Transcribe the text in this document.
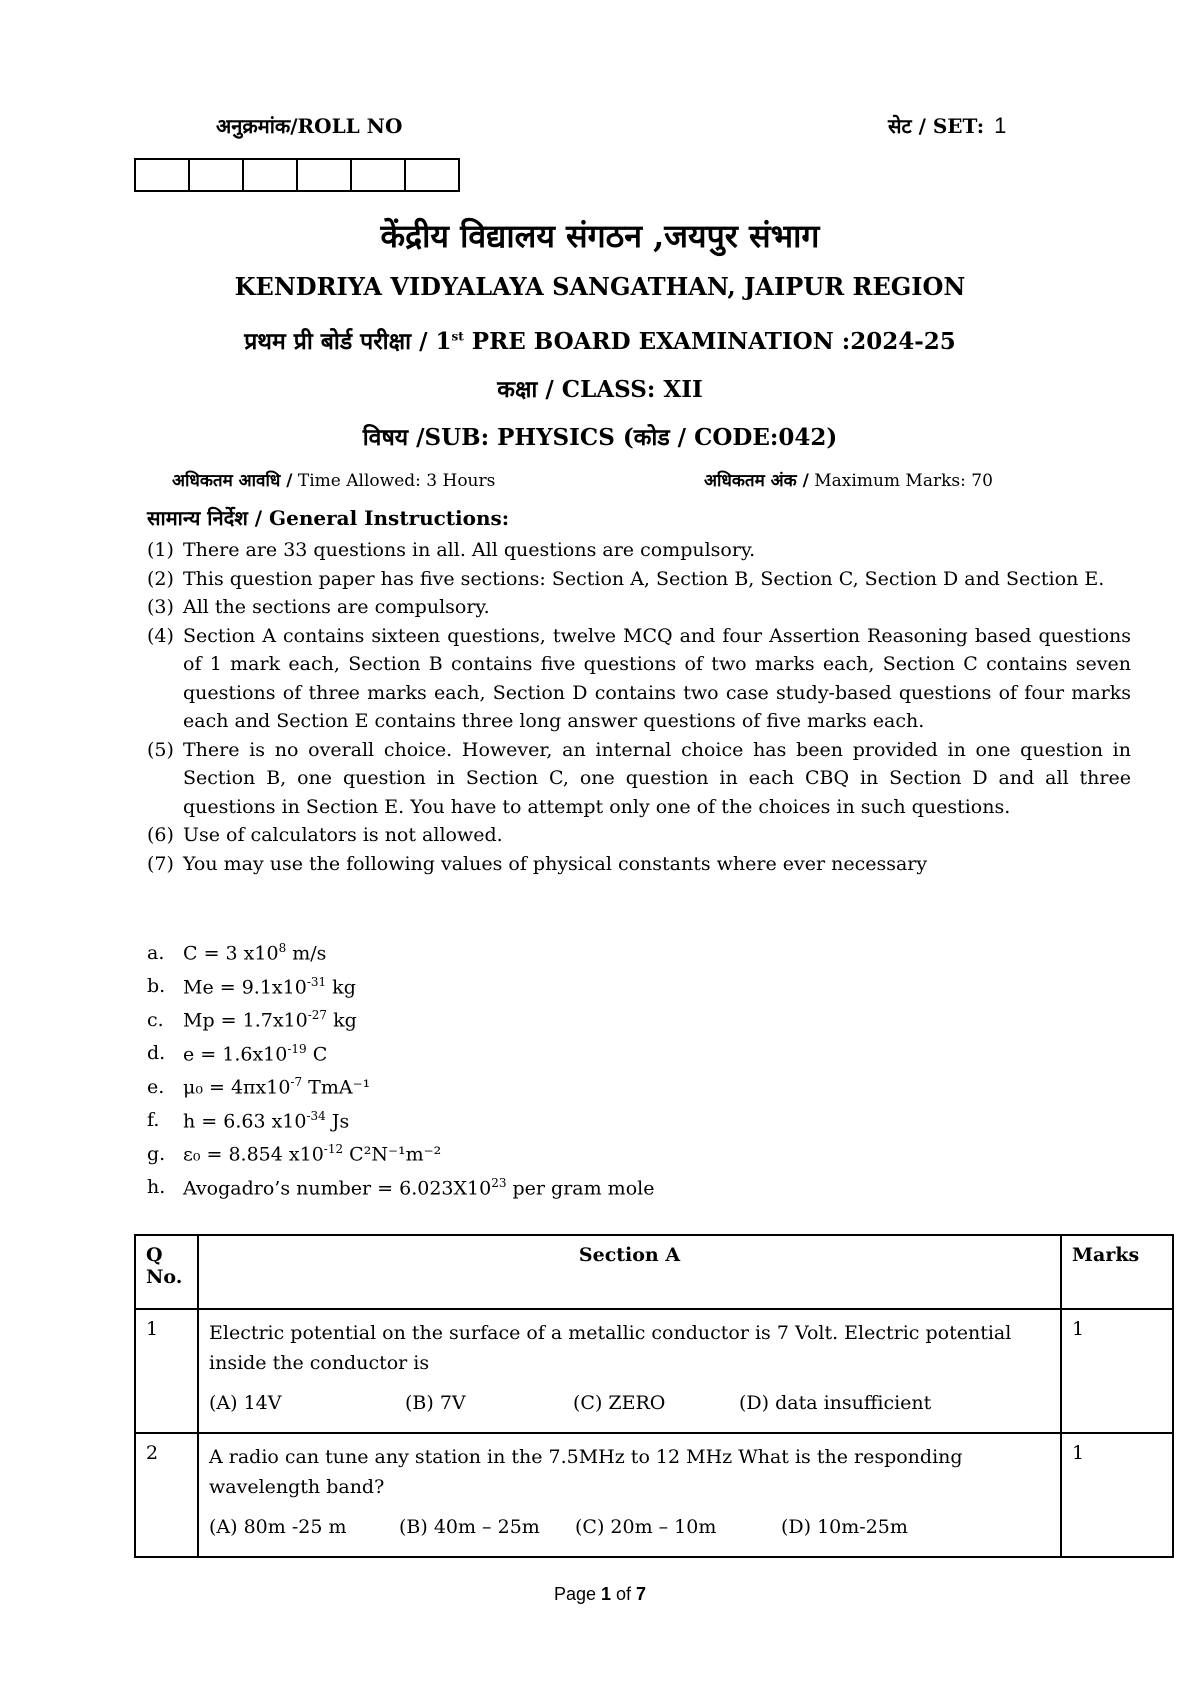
अनुक्रमांक/ROLL NO	सेट / SET: 1
केंद्रीय विद्यालय संगठन ,जयपुर संभाग
KENDRIYA VIDYALAYA SANGATHAN, JAIPUR REGION
प्रथम प्री बोर्ड परीक्षा / 1st PRE BOARD EXAMINATION :2024-25
कक्षा / CLASS: XII
विषय /SUB: PHYSICS (कोड / CODE:042)
अधिकतम आवधि / Time Allowed: 3 Hours	अधिकतम अंक / Maximum Marks: 70
सामान्य निर्देश / General Instructions:
(1) There are 33 questions in all. All questions are compulsory.
(2) This question paper has five sections: Section A, Section B, Section C, Section D and Section E.
(3) All the sections are compulsory.
(4) Section A contains sixteen questions, twelve MCQ and four Assertion Reasoning based questions of 1 mark each, Section B contains five questions of two marks each, Section C contains seven questions of three marks each, Section D contains two case study-based questions of four marks each and Section E contains three long answer questions of five marks each.
(5) There is no overall choice. However, an internal choice has been provided in one question in Section B, one question in Section C, one question in each CBQ in Section D and all three questions in Section E. You have to attempt only one of the choices in such questions.
(6) Use of calculators is not allowed.
(7) You may use the following values of physical constants where ever necessary
a. C = 3 $x10^8$ m/s
b. $Me = 9.1x10^{-31}$ kg
c.	$Mp = 1.7x10^{-27}$ kg
d. $e = 1.6x10^{-19}$ C
e. $\mu_0 = 4\pi x10^{-7}$ TmA⁻¹
f.	h = 6.63 $x10^{-34}$ Js
g. ε₀ = 8.854 $x10^{-12}$ C²N⁻¹m⁻²
h. Avogadro’s number = $6.023X10^{23}$ per gram mole
Q No.	Section A	Marks
1	Electric potential on the surface of a metallic conductor is 7 Volt. Electric potential inside the conductor is
(A) 14V (B) 7V (C) ZERO (D) data insufficient	1
2	A radio can tune any station in the 7.5MHz to 12 MHz What is the responding wavelength band?
(A) 80m -25 m (B) 40m – 25m (C) 20m – 10m (D) 10m-25m	1
Page 1 of 7
